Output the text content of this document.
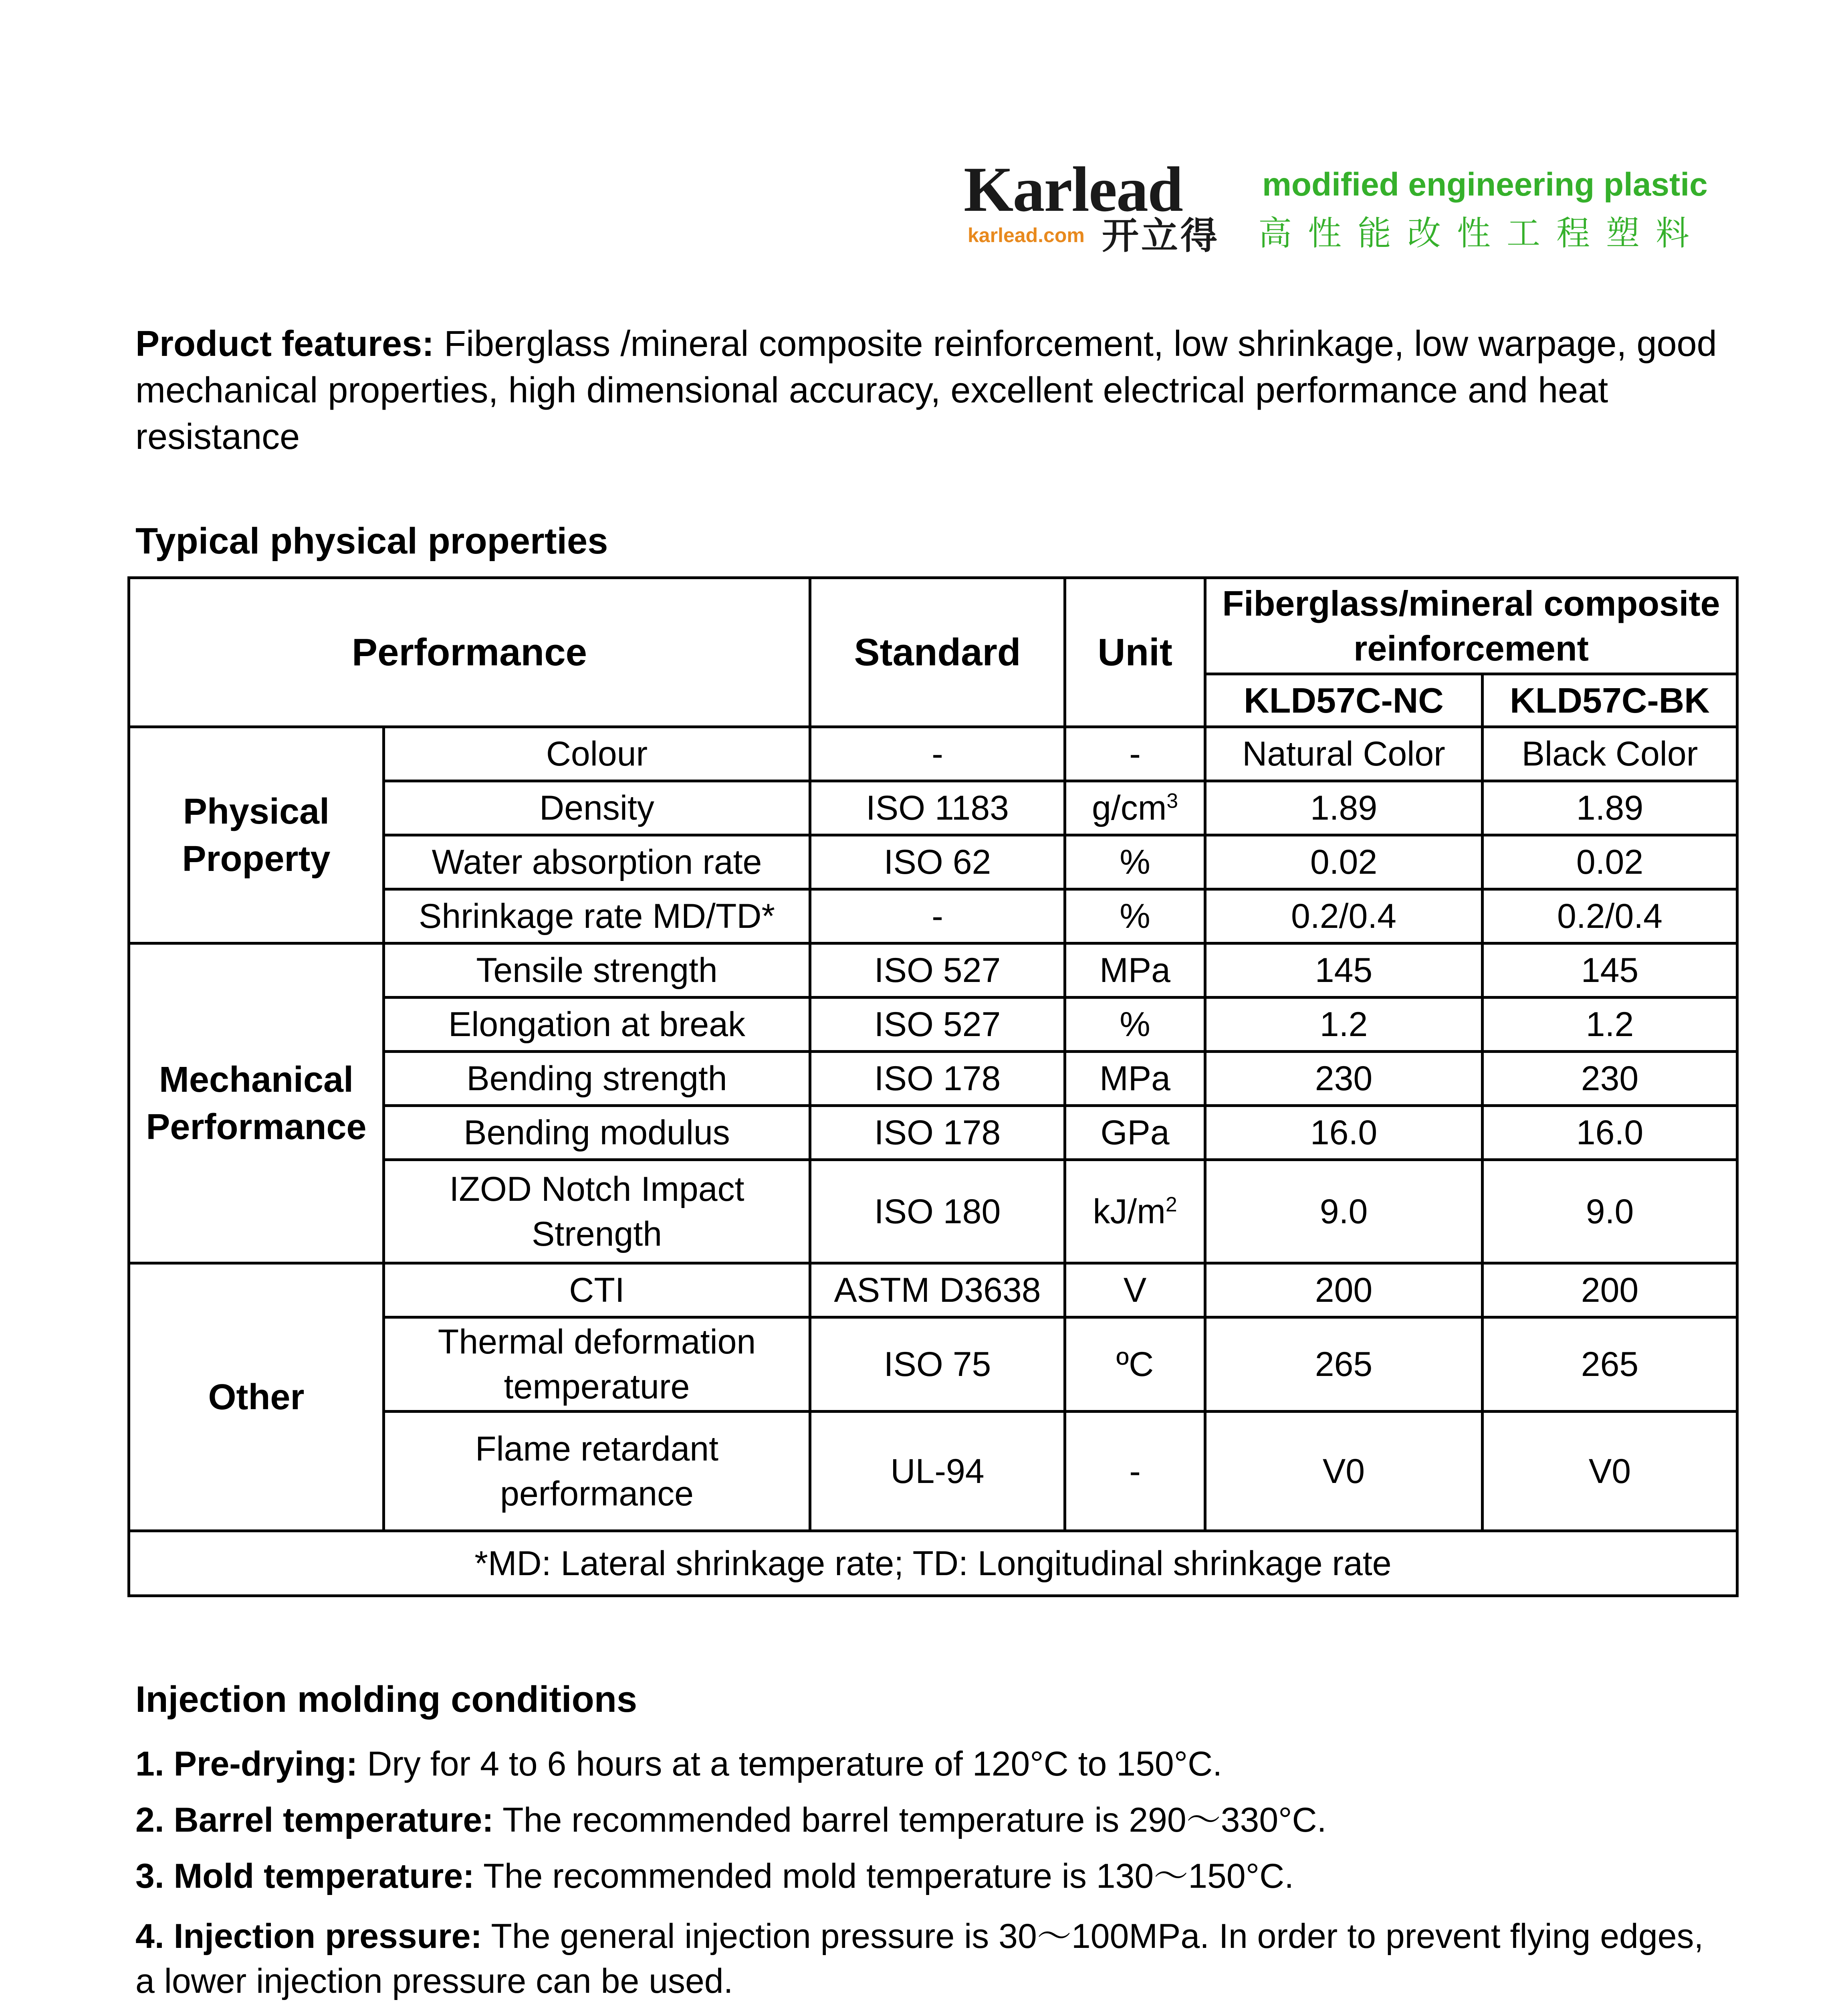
Karlead
karlead.com 开立得
modified engineering plastic
高性能改性工程塑料
Product features: Fiberglass /mineral composite reinforcement, low shrinkage, low warpage, good mechanical properties, high dimensional accuracy, excellent electrical performance and heat resistance
Typical physical properties
Performance		Standard	Unit	Fiberglass/mineral composite reinforcement	
				KLD57C-NC	KLD57C-BK
Physical Property	Colour	-	-	Natural Color	Black Color
	Density	ISO 1183	$g/cm^3$	1.89	1.89
	Water absorption rate	ISO 62	%	0.02	0.02
	Shrinkage rate MD/TD*	-	%	0.2/0.4	0.2/0.4
Mechanical Performance	Tensile strength	ISO 527	MPa	145	145
	Elongation at break	ISO 527	%	1.2	1.2
	Bending strength	ISO 178	MPa	230	230
	Bending modulus	ISO 178	GPa	16.0	16.0
	IZOD Notch Impact Strength	ISO 180	$kJ/m^2$	9.0	9.0
Other	CTI	ASTM D3638	V	200	200
	Thermal deformation temperature	ISO 75	ºC	265	265
	Flame retardant performance	UL-94	-	V0	V0
*MD: Lateral shrinkage rate; TD: Longitudinal shrinkage rate					
Injection molding conditions
1. Pre-drying: Dry for 4 to 6 hours at a temperature of 120°C to 150°C.
2. Barrel temperature: The recommended barrel temperature is 290～330°C.
3. Mold temperature: The recommended mold temperature is 130～150°C.
4. Injection pressure: The general injection pressure is 30～100MPa. In order to prevent flying edges, a lower injection pressure can be used.
